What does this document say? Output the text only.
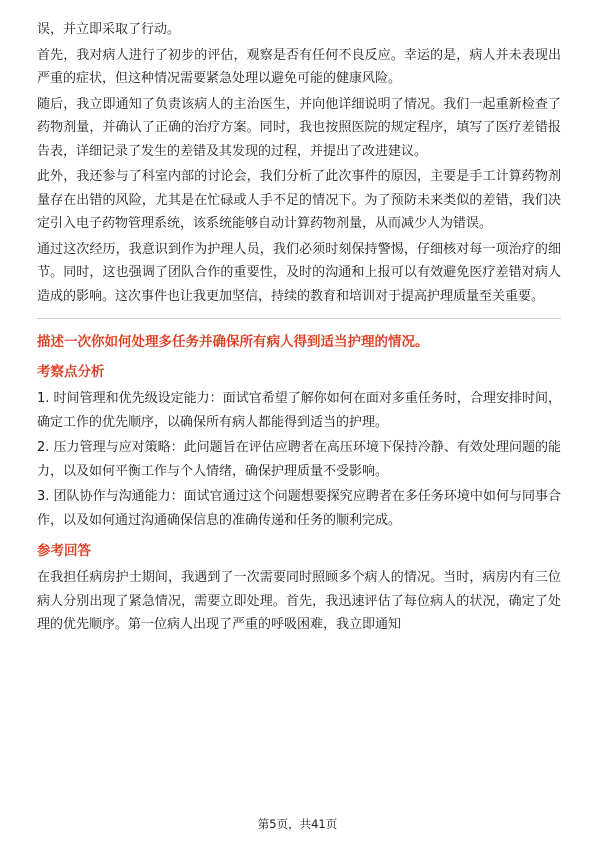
误，并立即采取了行动。

首先，我对病人进行了初步的评估，观察是否有任何不良反应。幸运的是，病人并未表现出严重的症状，但这种情况需要紧急处理以避免可能的健康风险。

随后，我立即通知了负责该病人的主治医生，并向他详细说明了情况。我们一起重新检查了药物剂量，并确认了正确的治疗方案。同时，我也按照医院的规定程序，填写了医疗差错报告表，详细记录了发生的差错及其发现的过程，并提出了改进建议。

此外，我还参与了科室内部的讨论会，我们分析了此次事件的原因，主要是手工计算药物剂量存在出错的风险，尤其是在忙碌或人手不足的情况下。为了预防未来类似的差错，我们决定引入电子药物管理系统，该系统能够自动计算药物剂量，从而减少人为错误。

通过这次经历，我意识到作为护理人员，我们必须时刻保持警惕，仔细核对每一项治疗的细节。同时，这也强调了团队合作的重要性，及时的沟通和上报可以有效避免医疗差错对病人造成的影响。这次事件也让我更加坚信，持续的教育和培训对于提高护理质量至关重要。

描述一次你如何处理多任务并确保所有病人得到适当护理的情况。

考察点分析

1. 时间管理和优先级设定能力：面试官希望了解你如何在面对多重任务时，合理安排时间，确定工作的优先顺序，以确保所有病人都能得到适当的护理。

2. 压力管理与应对策略：此问题旨在评估应聘者在高压环境下保持冷静、有效处理问题的能力，以及如何平衡工作与个人情绪，确保护理质量不受影响。

3. 团队协作与沟通能力：面试官通过这个问题想要探究应聘者在多任务环境中如何与同事合作，以及如何通过沟通确保信息的准确传递和任务的顺利完成。

参考回答

在我担任病房护士期间，我遇到了一次需要同时照顾多个病人的情况。当时，病房内有三位病人分别出现了紧急情况，需要立即处理。首先，我迅速评估了每位病人的状况，确定了处理的优先顺序。第一位病人出现了严重的呼吸困难，我立即通知

第5页，共41页
